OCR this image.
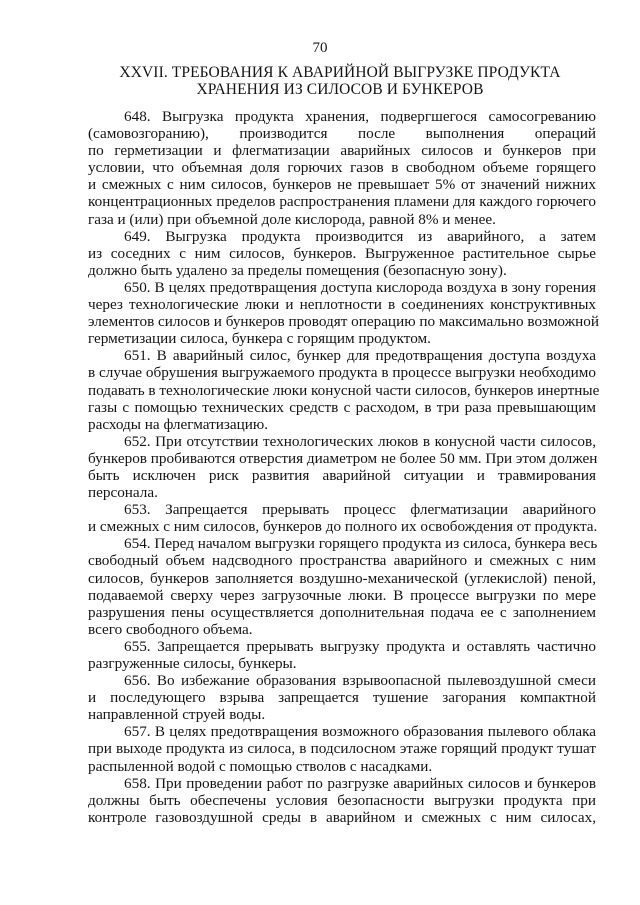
70
XXVII. ТРЕБОВАНИЯ К АВАРИЙНОЙ ВЫГРУЗКЕ ПРОДУКТА
ХРАНЕНИЯ ИЗ СИЛОСОВ И БУНКЕРОВ
648. Выгрузка продукта хранения, подвергшегося самосогреванию
(самовозгоранию), производится после выполнения операций
по герметизации и флегматизации аварийных силосов и бункеров при
условии, что объемная доля горючих газов в свободном объеме горящего
и смежных с ним силосов, бункеров не превышает 5% от значений нижних
концентрационных пределов распространения пламени для каждого горючего
газа и (или) при объемной доле кислорода, равной 8% и менее.
649. Выгрузка продукта производится из аварийного, а затем
из соседних с ним силосов, бункеров. Выгруженное растительное сырье
должно быть удалено за пределы помещения (безопасную зону).
650. В целях предотвращения доступа кислорода воздуха в зону горения
через технологические люки и неплотности в соединениях конструктивных
элементов силосов и бункеров проводят операцию по максимально возможной
герметизации силоса, бункера с горящим продуктом.
651. В аварийный силос, бункер для предотвращения доступа воздуха
в случае обрушения выгружаемого продукта в процессе выгрузки необходимо
подавать в технологические люки конусной части силосов, бункеров инертные
газы с помощью технических средств с расходом, в три раза превышающим
расходы на флегматизацию.
652. При отсутствии технологических люков в конусной части силосов,
бункеров пробиваются отверстия диаметром не более 50 мм. При этом должен
быть исключен риск развития аварийной ситуации и травмирования
персонала.
653. Запрещается прерывать процесс флегматизации аварийного
и смежных с ним силосов, бункеров до полного их освобождения от продукта.
654. Перед началом выгрузки горящего продукта из силоса, бункера весь
свободный объем надсводного пространства аварийного и смежных с ним
силосов, бункеров заполняется воздушно-механической (углекислой) пеной,
подаваемой сверху через загрузочные люки. В процессе выгрузки по мере
разрушения пены осуществляется дополнительная подача ее с заполнением
всего свободного объема.
655. Запрещается прерывать выгрузку продукта и оставлять частично
разгруженные силосы, бункеры.
656. Во избежание образования взрывоопасной пылевоздушной смеси
и последующего взрыва запрещается тушение загорания компактной
направленной струей воды.
657. В целях предотвращения возможного образования пылевого облака
при выходе продукта из силоса, в подсилосном этаже горящий продукт тушат
распыленной водой с помощью стволов с насадками.
658. При проведении работ по разгрузке аварийных силосов и бункеров
должны быть обеспечены условия безопасности выгрузки продукта при
контроле газовоздушной среды в аварийном и смежных с ним силосах,
